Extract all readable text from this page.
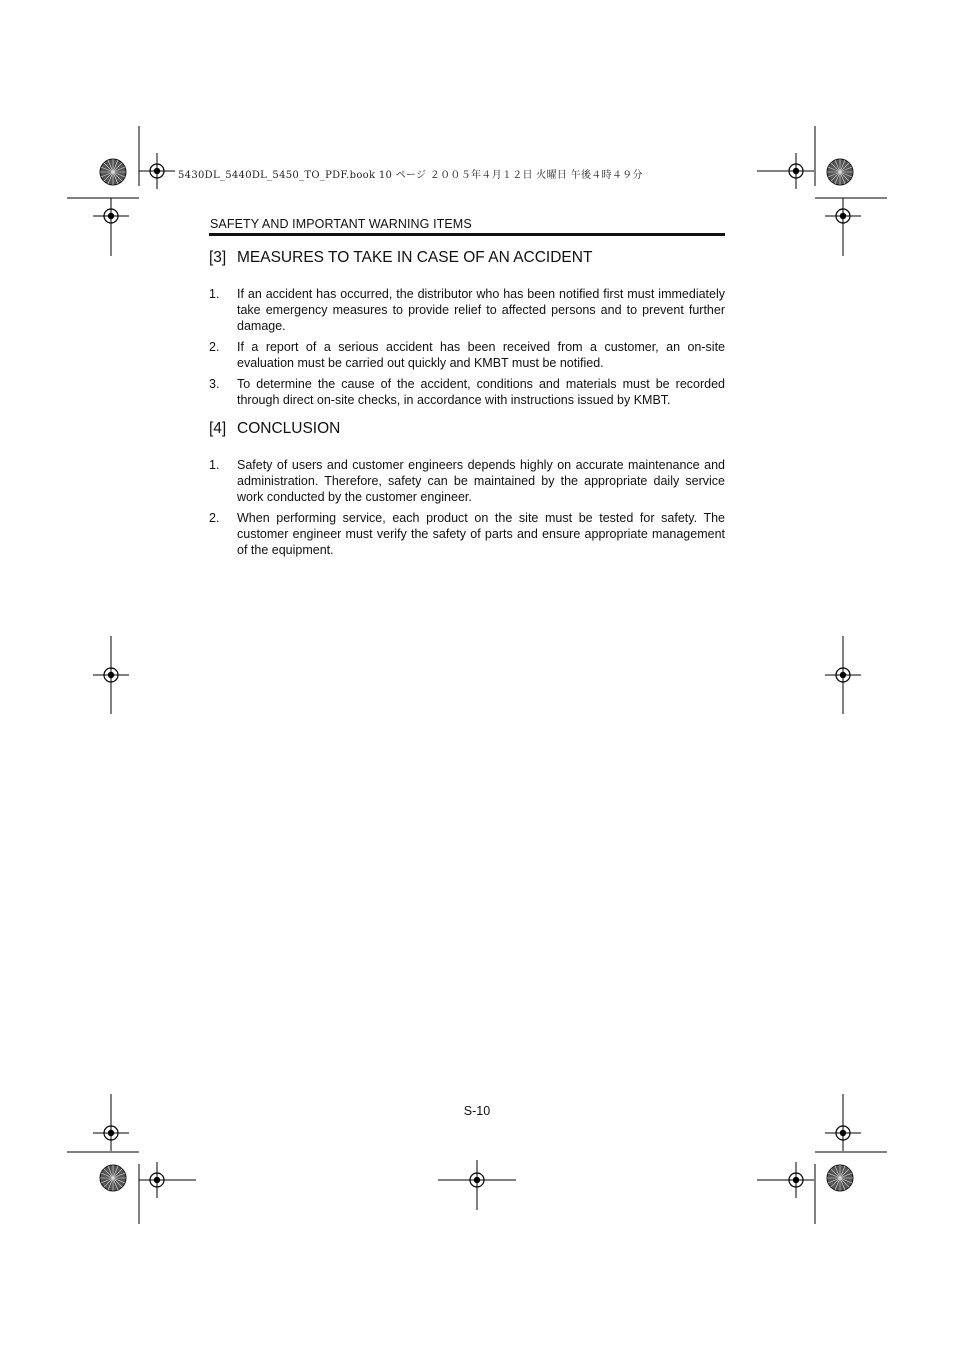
5430DL_5440DL_5450_TO_PDF.book 10 ページ ２００５年４月１２日 火曜日 午後４時４９分
SAFETY AND IMPORTANT WARNING ITEMS
[3] MEASURES TO TAKE IN CASE OF AN ACCIDENT
1.	If an accident has occurred, the distributor who has been notified first must immediately take emergency measures to provide relief to affected persons and to prevent further damage.
2.	If a report of a serious accident has been received from a customer, an on-site evaluation must be carried out quickly and KMBT must be notified.
3.	To determine the cause of the accident, conditions and materials must be recorded through direct on-site checks, in accordance with instructions issued by KMBT.
[4] CONCLUSION
1.	Safety of users and customer engineers depends highly on accurate maintenance and administration. Therefore, safety can be maintained by the appropriate daily service work conducted by the customer engineer.
2.	When performing service, each product on the site must be tested for safety. The customer engineer must verify the safety of parts and ensure appropriate management of the equipment.
S-10
